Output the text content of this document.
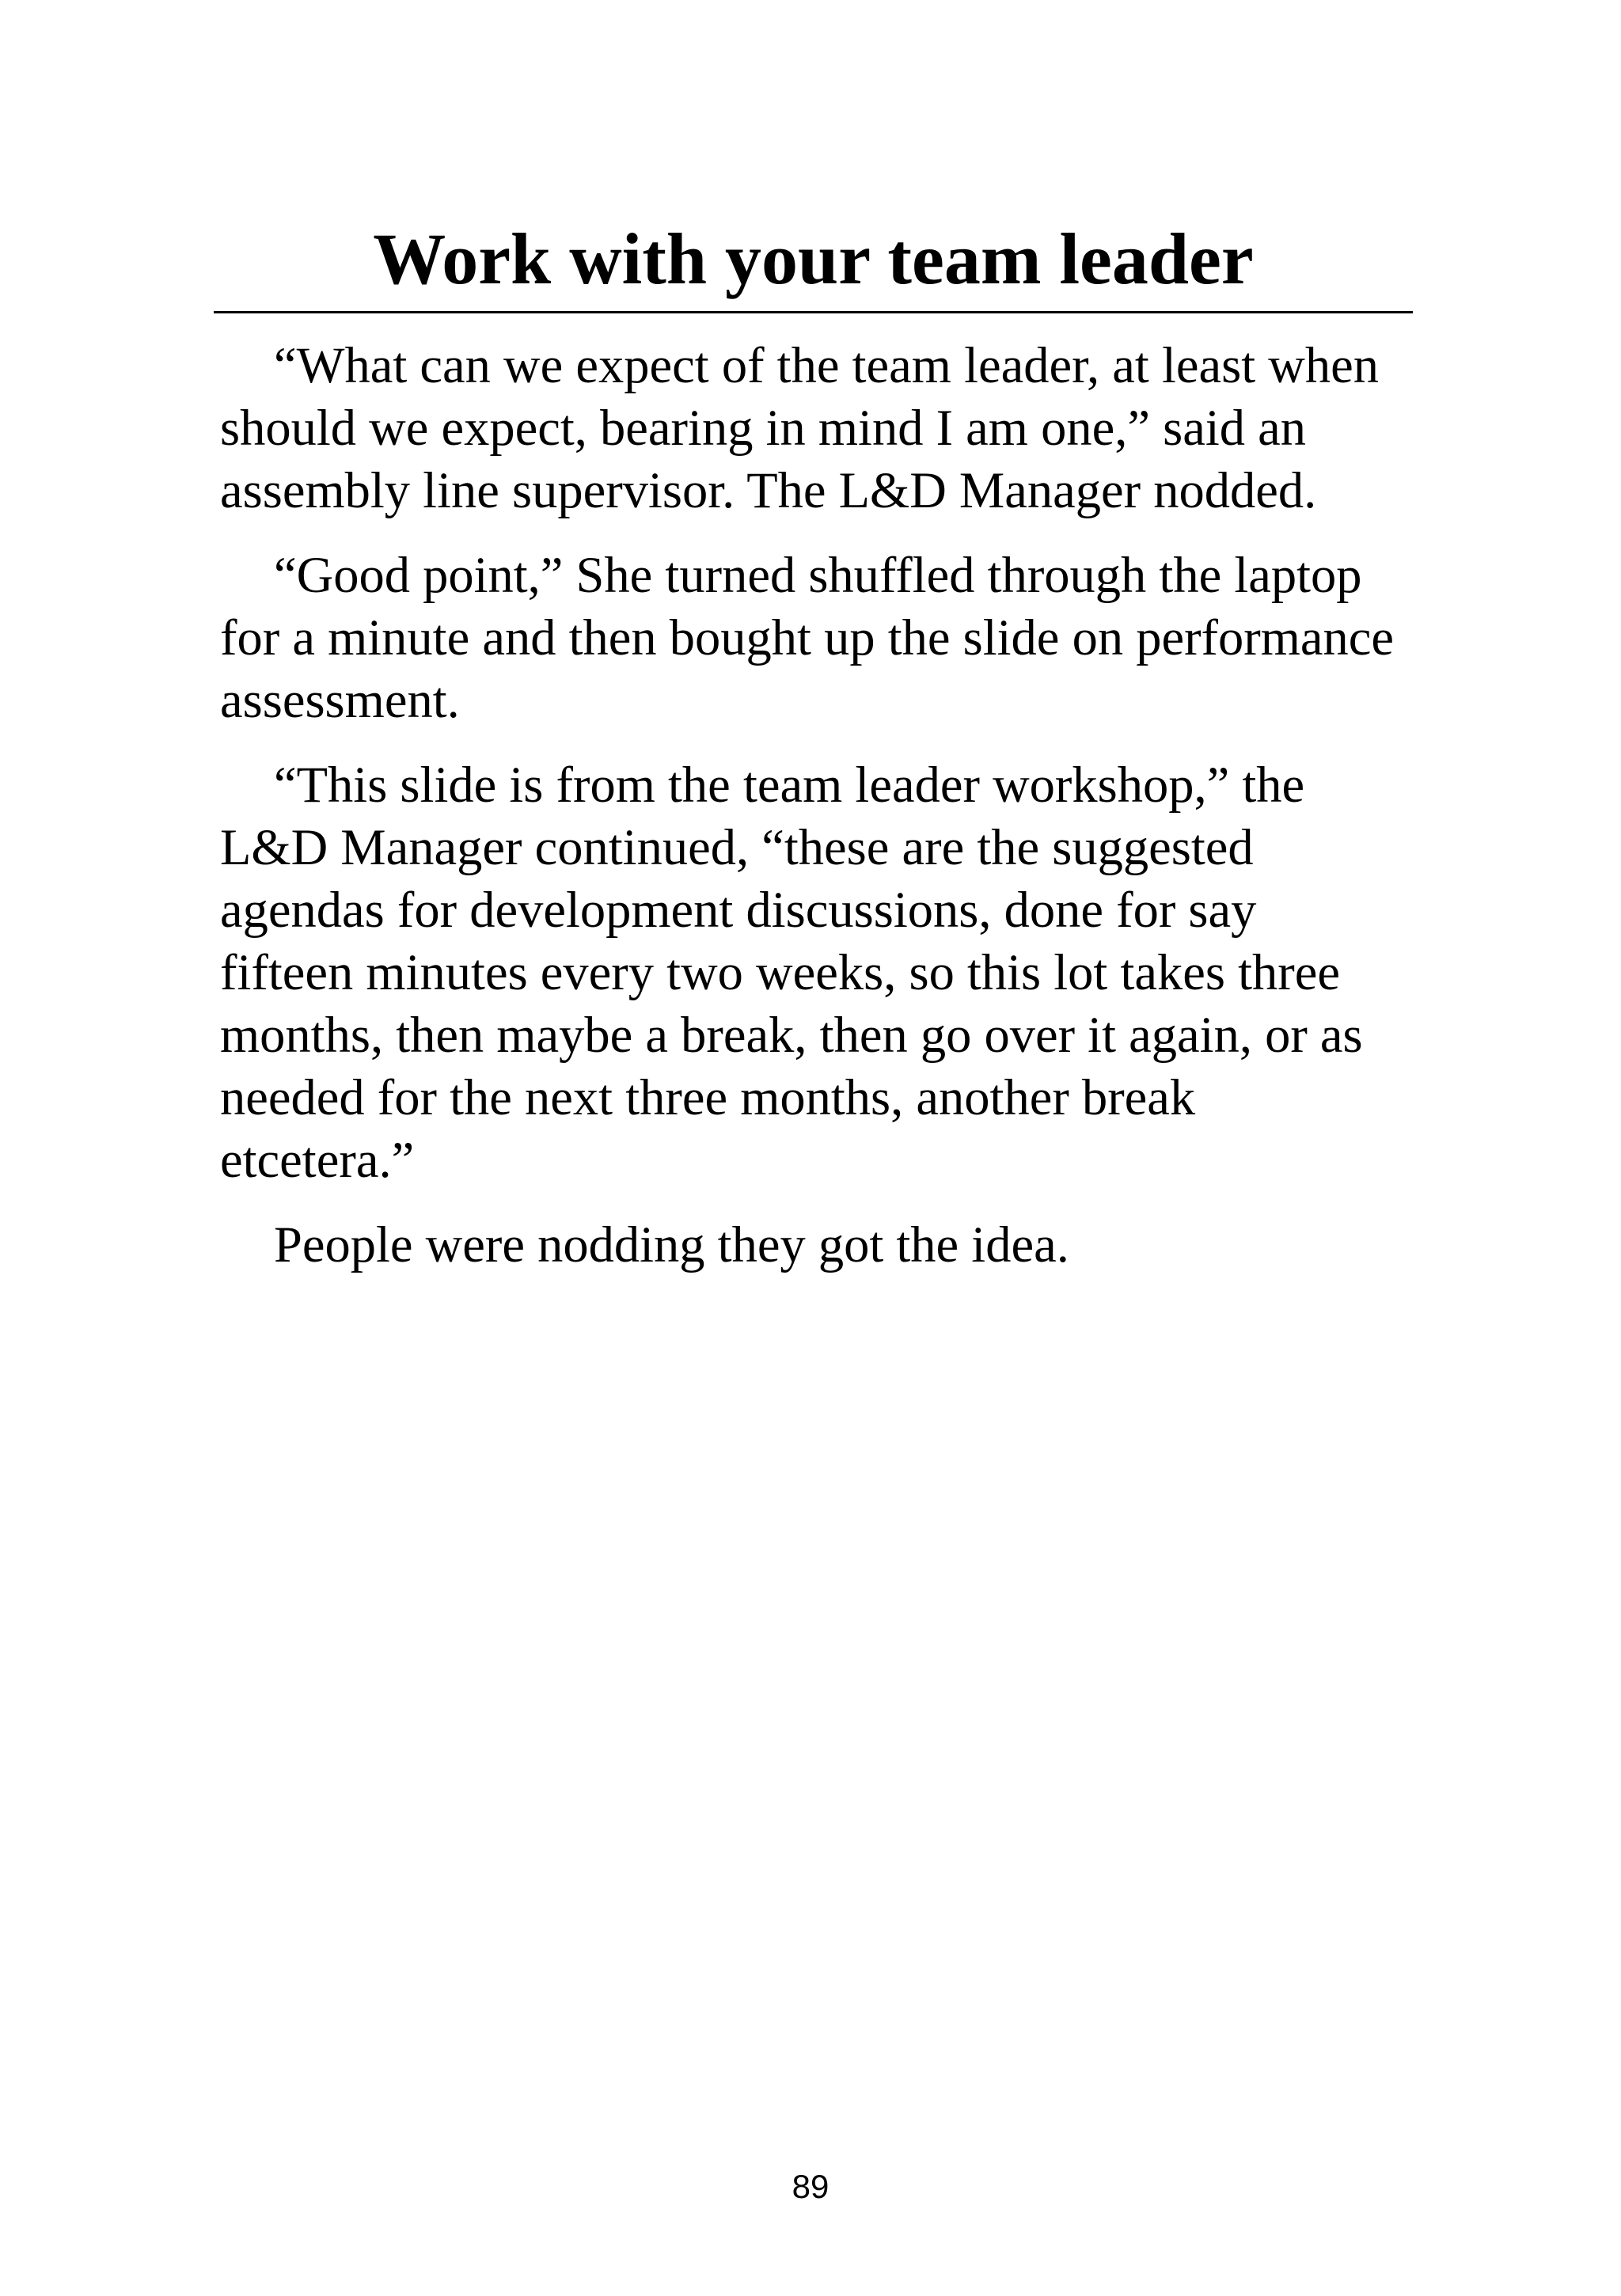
Work with your team leader

“What can we expect of the team leader, at least when should we expect, bearing in mind I am one,” said an assembly line supervisor. The L&D Manager nodded.

“Good point,” She turned shuffled through the laptop for a minute and then bought up the slide on performance assessment.

“This slide is from the team leader workshop,” the L&D Manager continued, “these are the suggested agendas for development discussions, done for say fifteen minutes every two weeks, so this lot takes three months, then maybe a break, then go over it again, or as needed for the next three months, another break etcetera.”

People were nodding they got the idea.

89
